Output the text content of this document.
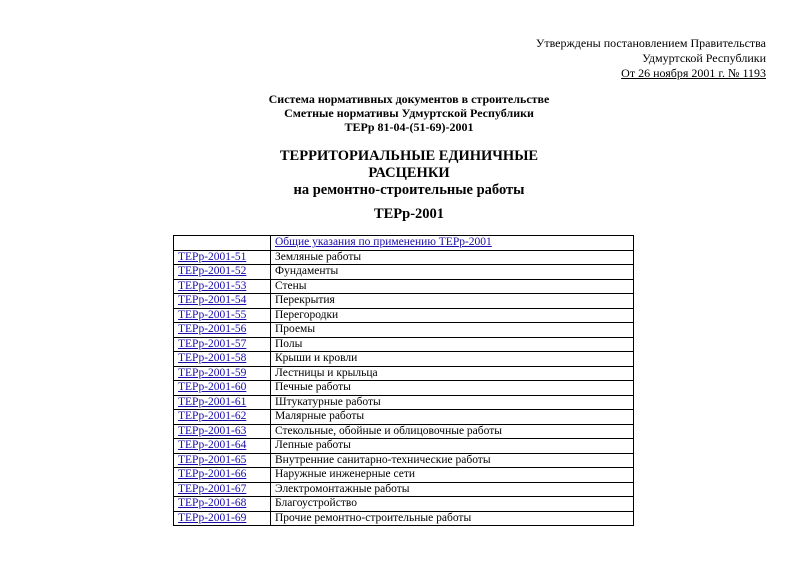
Утверждены постановлением Правительства
Удмуртской Республики
От 26 ноября 2001 г. № 1193
Система нормативных документов в строительстве
Сметные нормативы Удмуртской Республики
ТЕРр 81-04-(51-69)-2001
ТЕРРИТОРИАЛЬНЫЕ ЕДИНИЧНЫЕ
РАСЦЕНКИ
на ремонтно-строительные работы
ТЕРр-2001
	Общие указания по применению ТЕРр-2001
ТЕРр-2001-51	Земляные работы
ТЕРр-2001-52	Фундаменты
ТЕРр-2001-53	Стены
ТЕРр-2001-54	Перекрытия
ТЕРр-2001-55	Перегородки
ТЕРр-2001-56	Проемы
ТЕРр-2001-57	Полы
ТЕРр-2001-58	Крыши и кровли
ТЕРр-2001-59	Лестницы и крыльца
ТЕРр-2001-60	Печные работы
ТЕРр-2001-61	Штукатурные работы
ТЕРр-2001-62	Малярные работы
ТЕРр-2001-63	Стекольные, обойные и облицовочные работы
ТЕРр-2001-64	Лепные работы
ТЕРр-2001-65	Внутренние санитарно-технические работы
ТЕРр-2001-66	Наружные инженерные сети
ТЕРр-2001-67	Электромонтажные работы
ТЕРр-2001-68	Благоустройство
ТЕРр-2001-69	Прочие ремонтно-строительные работы
